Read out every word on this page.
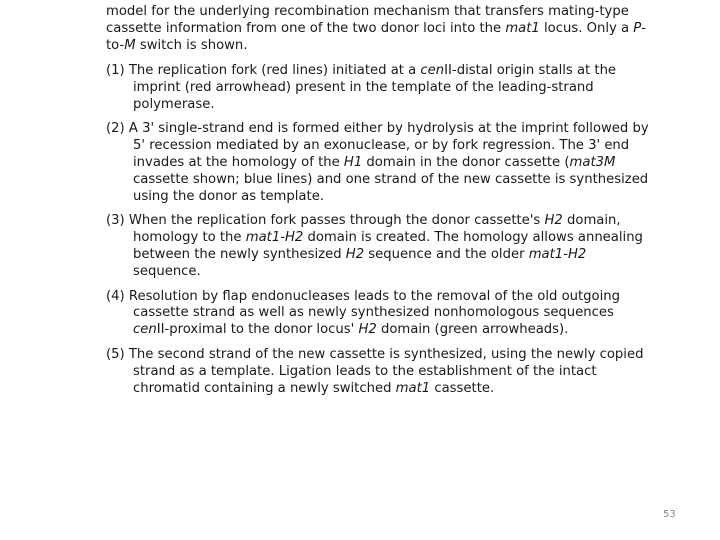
model for the underlying recombination mechanism that transfers mating-type cassette information from one of the two donor loci into the mat1 locus. Only a P-to-M switch is shown.

(1) The replication fork (red lines) initiated at a cenII-distal origin stalls at the imprint (red arrowhead) present in the template of the leading-strand polymerase.
(2) A 3' single-strand end is formed either by hydrolysis at the imprint followed by 5' recession mediated by an exonuclease, or by fork regression. The 3' end invades at the homology of the H1 domain in the donor cassette (mat3M cassette shown; blue lines) and one strand of the new cassette is synthesized using the donor as template.
(3) When the replication fork passes through the donor cassette's H2 domain, homology to the mat1-H2 domain is created. The homology allows annealing between the newly synthesized H2 sequence and the older mat1-H2 sequence.
(4) Resolution by flap endonucleases leads to the removal of the old outgoing cassette strand as well as newly synthesized nonhomologous sequences cenII-proximal to the donor locus' H2 domain (green arrowheads).
(5) The second strand of the new cassette is synthesized, using the newly copied strand as a template. Ligation leads to the establishment of the intact chromatid containing a newly switched mat1 cassette.
53
